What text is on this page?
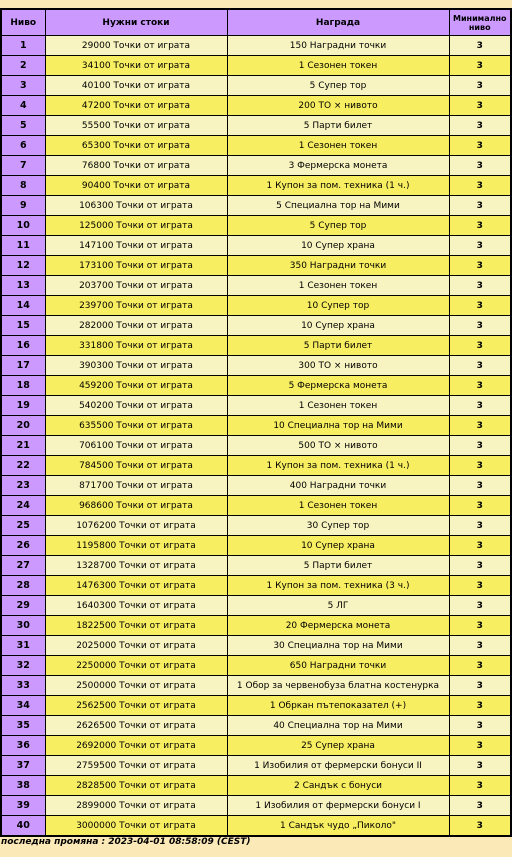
Ниво	Нужни стоки	Награда	Минимално ниво
1	29000 Точки от играта	150 Наградни точки	3
2	34100 Точки от играта	1 Сезонен токен	3
3	40100 Точки от играта	5 Супер тор	3
4	47200 Точки от играта	200 ТО × нивото	3
5	55500 Точки от играта	5 Парти билет	3
6	65300 Точки от играта	1 Сезонен токен	3
7	76800 Точки от играта	3 Фермерска монета	3
8	90400 Точки от играта	1 Купон за пом. техника (1 ч.)	3
9	106300 Точки от играта	5 Специална тор на Мими	3
10	125000 Точки от играта	5 Супер тор	3
11	147100 Точки от играта	10 Супер храна	3
12	173100 Точки от играта	350 Наградни точки	3
13	203700 Точки от играта	1 Сезонен токен	3
14	239700 Точки от играта	10 Супер тор	3
15	282000 Точки от играта	10 Супер храна	3
16	331800 Точки от играта	5 Парти билет	3
17	390300 Точки от играта	300 ТО × нивото	3
18	459200 Точки от играта	5 Фермерска монета	3
19	540200 Точки от играта	1 Сезонен токен	3
20	635500 Точки от играта	10 Специална тор на Мими	3
21	706100 Точки от играта	500 ТО × нивото	3
22	784500 Точки от играта	1 Купон за пом. техника (1 ч.)	3
23	871700 Точки от играта	400 Наградни точки	3
24	968600 Точки от играта	1 Сезонен токен	3
25	1076200 Точки от играта	30 Супер тор	3
26	1195800 Точки от играта	10 Супер храна	3
27	1328700 Точки от играта	5 Парти билет	3
28	1476300 Точки от играта	1 Купон за пом. техника (3 ч.)	3
29	1640300 Точки от играта	5 ЛГ	3
30	1822500 Точки от играта	20 Фермерска монета	3
31	2025000 Точки от играта	30 Специална тор на Мими	3
32	2250000 Точки от играта	650 Наградни точки	3
33	2500000 Точки от играта	1 Обор за червенобуза блатна костенурка	3
34	2562500 Точки от играта	1 Обркан пътепоказател (+)	3
35	2626500 Точки от играта	40 Специална тор на Мими	3
36	2692000 Точки от играта	25 Супер храна	3
37	2759500 Точки от играта	1 Изобилия от фермерски бонуси II	3
38	2828500 Точки от играта	2 Сандък с бонуси	3
39	2899000 Точки от играта	1 Изобилия от фермерски бонуси I	3
40	3000000 Точки от играта	1 Сандък чудо „Пиколо"	3
последна промяна : 2023-04-01 08:58:09 (CEST)
